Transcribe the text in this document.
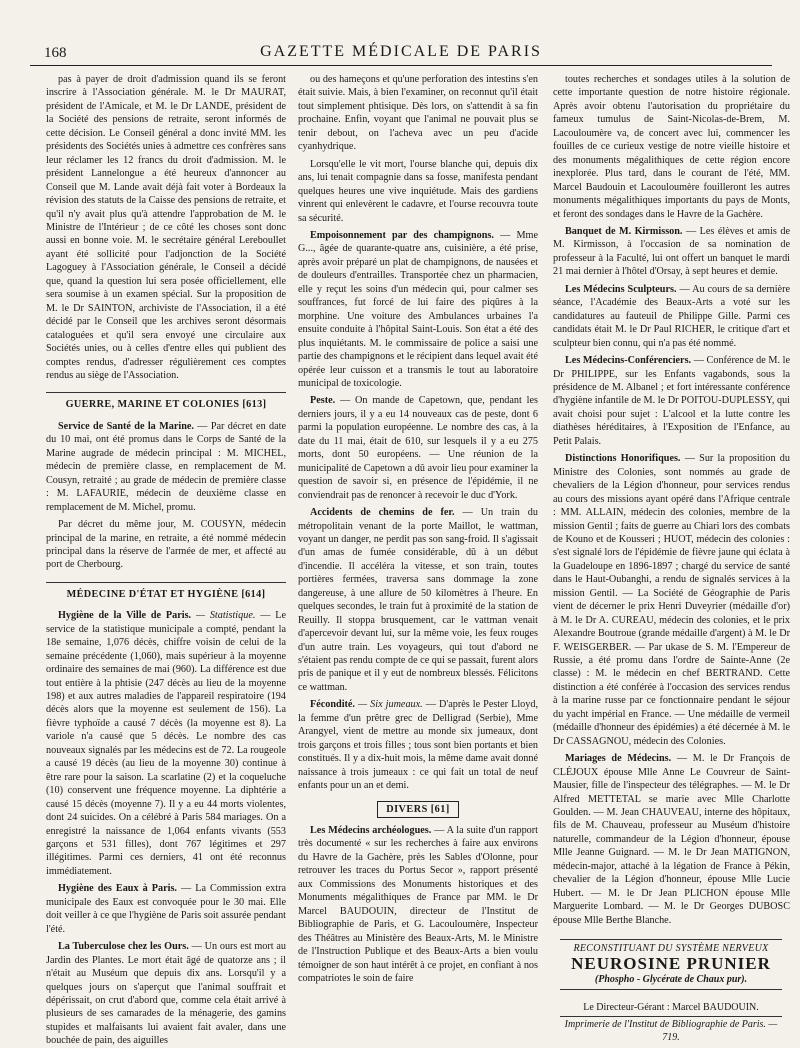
168	GAZETTE MÉDICALE DE PARIS

pas à payer de droit d'admission quand ils se feront inscrire à l'Association générale. M. le Dr MAURAT, président de l'Amicale, et M. le Dr LANDE, président de la Société des pensions de retraite, seront informés de cette décision. Le Conseil général a donc invité MM. les présidents des Sociétés unies à admettre ces confrères sans leur réclamer les 12 francs du droit d'admission. M. le président Lannelongue a été heureux d'annoncer au Conseil que M. Lande avait déjà fait voter à Bordeaux la révision des statuts de la Caisse des pensions de retraite, et qu'il n'y avait plus qu'à attendre l'approbation de M. le Ministre de l'Intérieur ; de ce côté les choses sont donc aussi en bonne voie. M. le secrétaire général Lereboullet ayant été sollicité pour l'adjonction de la Société Lagoguey à l'Association générale, le Conseil a décidé que, quand la question lui sera posée officiellement, elle sera soumise à un examen spécial. Sur la proposition de M. le Dr SAINTON, archiviste de l'Association, il a été décidé par le Conseil que les archives seront désormais cataloguées et qu'il sera envoyé une circulaire aux Sociétés unies, ou à celles d'entre elles qui publient des comptes rendus, d'adresser régulièrement ces comptes rendus au siège de l'Association.

GUERRE, MARINE ET COLONIES [613]

Service de Santé de la Marine. — Par décret en date du 10 mai, ont été promus dans le Corps de Santé de la Marine augrade de médecin principal : M. MICHEL, médecin de première classe, en remplacement de M. Cousyn, retraité ; au grade de médecin de première classe : M. LAFAURIE, médecin de deuxième classe en remplacement de M. Michel, promu.

Par décret du même jour, M. COUSYN, médecin principal de la marine, en retraite, a été nommé médecin principal dans la réserve de l'armée de mer, et affecté au port de Cherbourg.

MÉDECINE D'ÉTAT ET HYGIÈNE [614]

Hygiène de la Ville de Paris. — Statistique. — Le service de la statistique municipale a compté, pendant la 18e semaine, 1,076 décès, chiffre voisin de celui de la semaine précédente (1,060), mais supérieur à la moyenne ordinaire des semaines de mai (960). La différence est due tout entière à la phtisie (247 décès au lieu de la moyenne 198) et aux autres maladies de l'appareil respiratoire (194 décès alors que la moyenne est seulement de 156). La fièvre typhoïde a causé 7 décès (la moyenne est 8). La variole n'a causé que 5 décès. Le nombre des cas nouveaux signalés par les médecins est de 72. La rougeole a causé 19 décès (au lieu de la moyenne 30) continue à être rare pour la saison. La scarlatine (2) et la coqueluche (10) conservent une fréquence moyenne. La diphtérie a causé 15 décès (moyenne 7). Il y a eu 44 morts violentes, dont 24 suicides. On a célébré à Paris 584 mariages. On a enregistré la naissance de 1,064 enfants vivants (553 garçons et 531 filles), dont 767 légitimes et 297 illégitimes. Parmi ces derniers, 41 ont été reconnus immédiatement.

Hygiène des Eaux à Paris. — La Commission extra municipale des Eaux est convoquée pour le 30 mai. Elle doit veiller à ce que l'hygiène de Paris soit assurée pendant l'été.

La Tuberculose chez les Ours. — Un ours est mort au Jardin des Plantes. Le mort était âgé de quatorze ans ; il n'était au Muséum que depuis dix ans. Lorsqu'il y a quelques jours on s'aperçut que l'animal souffrait et dépérissait, on crut d'abord que, comme cela était arrivé à plusieurs de ses camarades de la ménagerie, des gamins stupides et malfaisants lui avaient fait avaler, dans une bouchée de pain, des aiguilles

ou des hameçons et qu'une perforation des intestins s'en était suivie. Mais, à bien l'examiner, on reconnut qu'il était tout simplement phtisique. Dès lors, on s'attendit à sa fin prochaine. Enfin, voyant que l'animal ne pouvait plus se tenir debout, on l'acheva avec un peu d'acide cyanhydrique.

Lorsqu'elle le vit mort, l'ourse blanche qui, depuis dix ans, lui tenait compagnie dans sa fosse, manifesta pendant quelques heures une vive inquiétude. Mais des gardiens vinrent qui enlevèrent le cadavre, et l'ourse recouvra toute sa sécurité.

Empoisonnement par des champignons. — Mme G..., âgée de quarante-quatre ans, cuisinière, a été prise, après avoir préparé un plat de champignons, de nausées et de douleurs d'entrailles. Transportée chez un pharmacien, elle y reçut les soins d'un médecin qui, pour calmer ses souffrances, fut forcé de lui faire des piqûres à la morphine. Une voiture des Ambulances urbaines l'a ensuite conduite à l'hôpital Saint-Louis. Son état a été des plus inquiétants. M. le commissaire de police a saisi une partie des champignons et le récipient dans lequel avait été opérée leur cuisson et a transmis le tout au laboratoire municipal de toxicologie.

Peste. — On mande de Capetown, que, pendant les derniers jours, il y a eu 14 nouveaux cas de peste, dont 6 parmi la population européenne. Le nombre des cas, à la date du 11 mai, était de 610, sur lesquels il y a eu 275 morts, dont 50 européens. — Une réunion de la municipalité de Capetown a dû avoir lieu pour examiner la question de savoir si, en présence de l'épidémie, il ne conviendrait pas de renoncer à recevoir le duc d'York.

Accidents de chemins de fer. — Un train du métropolitain venant de la porte Maillot, le wattman, voyant un danger, ne perdit pas son sang-froid. Il s'agissait d'un amas de fumée considérable, dû à un début d'incendie. Il accéléra la vitesse, et son train, toutes portières fermées, traversa sans dommage la zone dangereuse, à une allure de 50 kilomètres à l'heure. En quelques secondes, le train fut à proximité de la station de Reuilly. Il stoppa brusquement, car le vattman venait d'apercevoir devant lui, sur la même voie, les feux rouges d'un autre train. Les voyageurs, qui tout d'abord ne s'étaient pas rendu compte de ce qui se passait, furent alors pris de panique et il y eut de nombreux blessés. Félicitons ce wattman.

Fécondité. — Six jumeaux. — D'après le Pester Lloyd, la femme d'un prêtre grec de Delligrad (Serbie), Mme Arangyel, vient de mettre au monde six jumeaux, dont trois garçons et trois filles ; tous sont bien portants et bien constitués. Il y a dix-huit mois, la même dame avait donné naissance à trois jumeaux : ce qui fait un total de neuf enfants pour un an et demi.

DIVERS [61]

Les Médecins archéologues. — A la suite d'un rapport très documenté « sur les recherches à faire aux environs du Havre de la Gachère, près les Sables d'Olonne, pour retrouver les traces du Portus Secor », rapport présenté aux Commissions des Monuments historiques et des Monuments mégalithiques de France par MM. le Dr Marcel BAUDOUIN, directeur de l'Institut de Bibliographie de Paris, et G. Lacouloumère, Inspecteur des Théâtres au Ministère des Beaux-Arts, M. le Ministre de l'Instruction Publique et des Beaux-Arts a bien voulu témoigner de son haut intérêt à ce projet, en confiant à nos compatriotes le soin de faire

toutes recherches et sondages utiles à la solution de cette importante question de notre histoire régionale. Après avoir obtenu l'autorisation du propriétaire du fameux tumulus de Saint-Nicolas-de-Brem, M. Lacouloumère va, de concert avec lui, commencer les fouilles de ce curieux vestige de notre vieille histoire et des monuments mégalithiques de cette région encore inexplorée. Plus tard, dans le courant de l'été, MM. Marcel Baudouin et Lacouloumère fouilleront les autres monuments mégalithiques importants du pays de Monts, et feront des sondages dans le Havre de la Gachère.

Banquet de M. Kirmisson. — Les élèves et amis de M. Kirmisson, à l'occasion de sa nomination de professeur à la Faculté, lui ont offert un banquet le mardi 21 mai dernier à l'hôtel d'Orsay, à sept heures et demie.

Les Médecins Sculpteurs. — Au cours de sa dernière séance, l'Académie des Beaux-Arts a voté sur les candidatures au fauteuil de Philippe Gille. Parmi ces candidats était M. le Dr Paul RICHER, le critique d'art et sculpteur bien connu, qui n'a pas été nommé.

Les Médecins-Conférenciers. — Conférence de M. le Dr PHILIPPE, sur les Enfants vagabonds, sous la présidence de M. Albanel ; et fort intéressante conférence d'hygiène infantile de M. le Dr POITOU-DUPLESSY, qui avait choisi pour sujet : L'alcool et la lutte contre les diathèses héréditaires, à l'Exposition de l'Enfance, au Petit Palais.

Distinctions Honorifiques. — Sur la proposition du Ministre des Colonies, sont nommés au grade de chevaliers de la Légion d'honneur, pour services rendus au cours des missions ayant opéré dans l'Afrique centrale : MM. ALLAIN, médecin des colonies, membre de la mission Gentil ; faits de guerre au Chiari lors des combats de Kouno et de Kousseri ; HUOT, médecin des colonies : s'est signalé lors de l'épidémie de fièvre jaune qui éclata à la Guadeloupe en 1896-1897 ; chargé du service de santé dans le Haut-Oubanghi, a rendu de signalés services à la mission Gentil. — La Société de Géographie de Paris vient de décerner le prix Henri Duveyrier (médaille d'or) à M. le Dr A. CUREAU, médecin des colonies, et le prix Alexandre Boutroue (grande médaille d'argent) à M. le Dr F. WEISGERBER. — Par ukase de S. M. l'Empereur de Russie, a été promu dans l'ordre de Sainte-Anne (2e classe) : M. le médecin en chef BERTRAND. Cette distinction a été conférée à l'occasion des services rendus à la marine russe par ce fonctionnaire pendant le séjour du yacht impérial en France. — Une médaille de vermeil (médaille d'honneur des épidémies) a été décernée à M. le Dr CASSAGNOU, médecin des Colonies.

Mariages de Médecins. — M. le Dr François de CLÉJOUX épouse Mlle Anne Le Couvreur de Saint-Mausier, fille de l'inspecteur des télégraphes. — M. le Dr Alfred METTETAL se marie avec Mlle Charlotte Goulden. — M. Jean CHAUVEAU, interne des hôpitaux, fils de M. Chauveau, professeur au Muséum d'histoire naturelle, commandeur de la Légion d'honneur, épouse Mlle Jeanne Guignard. — M. le Dr Jean MATIGNON, médecin-major, attaché à la légation de France à Pékin, chevalier de la Légion d'honneur, épouse Mlle Lucie Hubert. — M. le Dr Jean PLICHON épouse Mlle Marguerite Lombard. — M. le Dr Georges DUBOSC épouse Mlle Berthe Blanche.

RECONSTITUANT DU SYSTÈME NERVEUX
NEUROSINE PRUNIER
(Phospho - Glycérate de Chaux pur).
Le Directeur-Gérant : Marcel BAUDOUIN.
Imprimerie de l'Institut de Bibliographie de Paris. — 719.
